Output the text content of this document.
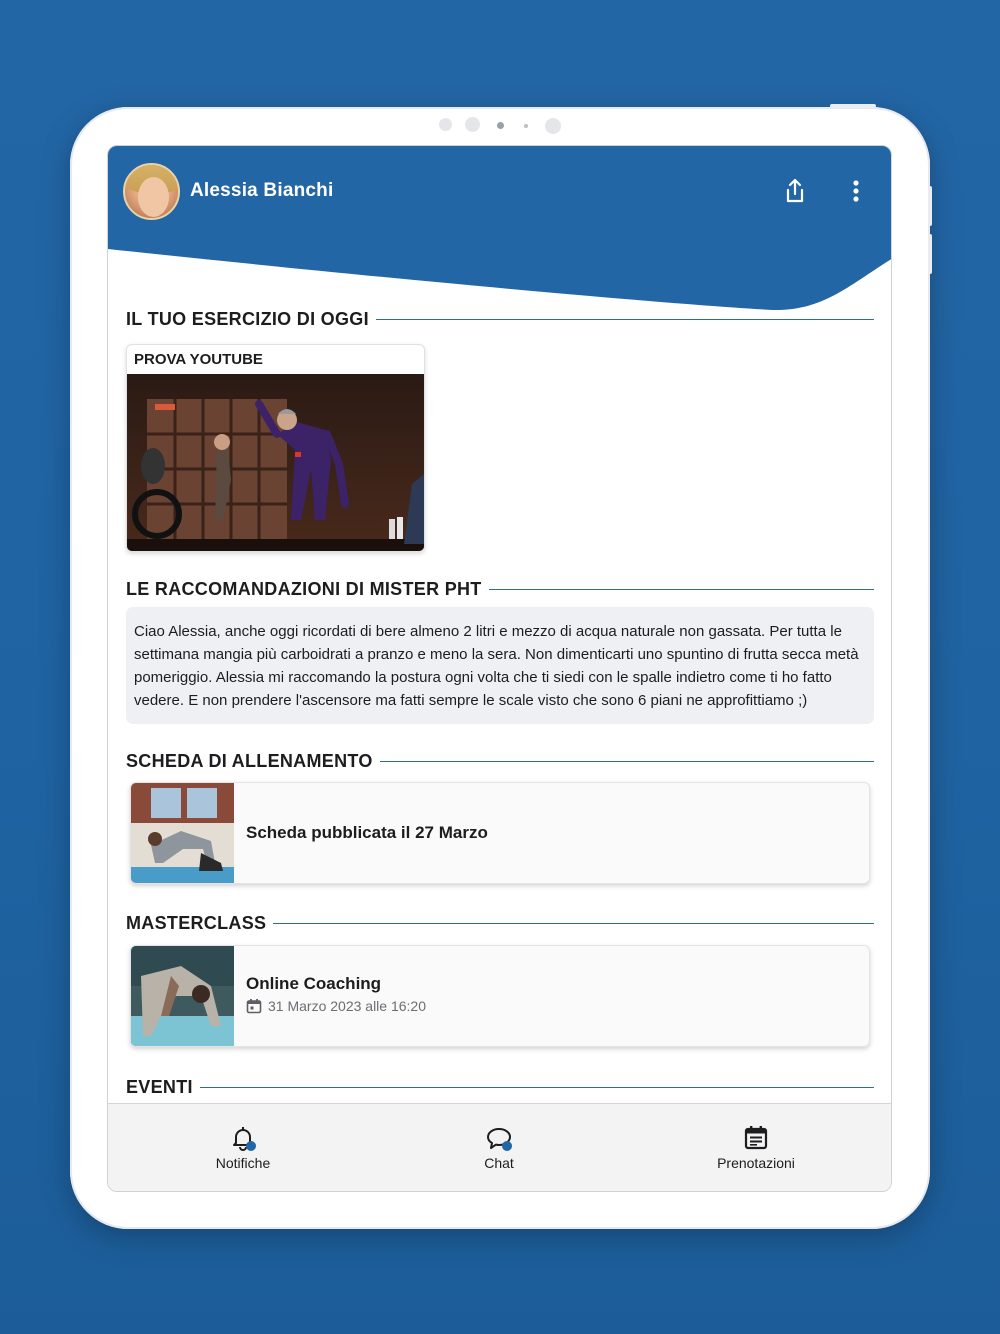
Alessia Bianchi
IL TUO ESERCIZIO DI OGGI
PROVA YOUTUBE
LE RACCOMANDAZIONI DI MISTER PHT
Ciao Alessia, anche oggi ricordati di bere almeno 2 litri e mezzo di acqua naturale non gassata. Per tutta le settimana mangia più carboidrati a pranzo e meno la sera. Non dimenticarti uno spuntino di frutta secca metà pomeriggio. Alessia mi raccomando la postura ogni volta che ti siedi con le spalle indietro come ti ho fatto vedere. E non prendere l'ascensore ma fatti sempre le scale visto che sono 6 piani ne approfittiamo ;)
SCHEDA DI ALLENAMENTO
Scheda pubblicata il 27 Marzo
MASTERCLASS
Online Coaching
31 Marzo 2023 alle 16:20
EVENTI
Notifiche	Chat	Prenotazioni
